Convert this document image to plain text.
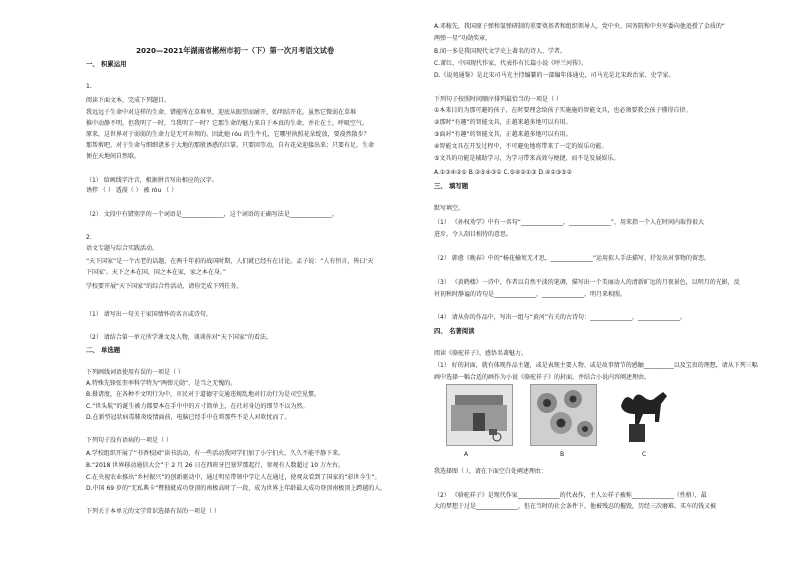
2020—2021年湖南省郴州市初一（下）第一次月考语文试卷
一、 积累运用
1.
阅读下面文本，完成下列题目。
我远远于生命中对这样的生命，错能所在草堆里，迎底从眼望而耐开，始明结开花。虽然它微弱在草堆
推中动静不明，但我明了一时，当我明了一时？它那生命的魅力来自于本真的生命，并社在土，呼吸空气。
原来，这世界对于弱弱的生命力是无可弃领的。因此她 róu 的生牛孔，它哪里执照花朵绽放，要漠然散步？
那帮剪吧，对于生命与细细诸多于大地的那般诱惑的巨掌。只要回等动，自有花朵迎接出来；只要有足，生命
便在天地间自然歇。
（1） 给画线字注音，根据拼音写出相应的汉字。
诱拌 （ ） 透漠（ ） 被 róu （ ）
（2） 文段中有错别字的一个词语是______________，这个词语的正确写法是______________。
2.
语文专题与综合实践活动。
“天下国家”是一个古老的话题，在两千年前的战国时期，人们就已经有在讨论。孟子说：“人有恒言，皆曰‘天
下国家’。天下之本在国，国之本在家，家之本在身。”
学校要开展“天下国家”的综合性活动，请你完成下列任务。
（1） 请写出一句关于家国情怀的名言或诗句。
（2） 请结合第一单元所学课文及人物，谈谈你对“天下国家”的看法。
二、 单选题
下列画线词语使用有误的一项是（ ）
A.特殊先锋张奎率科学特为“两弹元勋”，是当之无愧的。
B.摄诸度，在各种不文明行为中，市民对于道德守交通违规乱地对打动行为是司空见惯。
C.“世头航”的诞生被力都要本在手中中的方寸简单上，在社对身边的细节不以为然。
D.在新型冠状病毒肺炎疫情面前，电脑已经手中在将那些不是人对吹忧而了。
下列句子没有语病的一项是（ ）
A.学校组织开展了“书香校园”读书活动，有一些活动我同学们加了小宁们火，久久不能平静下来。
B.“2018 世界移动通信大会”于 2 月 26 日在西班牙巴塞罗那起行，参观有人数超过 10 万左右。
C.在央视农业推出“乡村振兴”的创新驱动中，通过明星带领中学让人在通过，使观众看到了国家的“彩世今生”。
D.中国 69 岁的“无私典卡”暨独就成功登顶的南极高时了一段，成为世界上年龄最大成功登顶南极顶上跨越的人。
下列关于本单元的文学常识选择有误的一项是（ ）
A.邓稼先，我国原子弹和氢弹研制的重要奠基者和组织领导人，党中央、国务院和中央军委向他追授了金质的“
两弹一星”功勋奖章。
B.闻一多是我国现代文学史上著名的诗人、学者。
C.萧红，中国现代作家，代表作有长篇小说《呼兰河传》。
D.《说苑通鉴》是北宋司马光主持编纂的一部编年体通史，司马光是北宋政治家、史学家。
下列句子按照时间顺序排列最恰当的一项是（ ）
①本来目的为那可避的孩子，在时要理念给孩子实施施的智能文具，也必须要教会孩子懂得自律。
②那时“有趣”的智能文具，正越来越多地可以有用。
③面对“有趣”的智能文具，正越来越多地可以有用。
④智能文具在开发过程中，不可避免地将带来了一定的娱乐功能。
⑤文具的功能是辅助学习，为学习带来高效与便捷，而不是发展娱乐。
A.①③④②⑤ B.②⑤④③① C.⑤④②①③ D.④①③⑤②
三、 填写题
默写填空。
（1） 《孙权劝学》中有一名句“______________，______________”，用来指一个人在时间内取得很大
进步，令人刮目相待的意思。
（2） 韩愈《晚春》中的“杨花榆荚无才思，______________”运用拟人手法描写、抒发出对事物的留恋。
（3） 《黄鹤楼》一诗中，作者以自然平淡的笔调，描写出一个美丽动人的清新旷远的月夜景色，以明月的光影，反
衬初秋时静谧的诗句是______________，______________，明月来相照。
（4） 请从你的作品中，写出一组与“黄河”有关的古诗句：______________，______________。
四、 名著阅读
阅读《骆驼祥子》，感悟名著魅力。
（1） 好的封面，就有体现作品主题，或是表现主要人物、或是故事情节的感触__________以及宝贵的理想，请从下列三幅
画中选择一幅合适的画作为小说《骆驼祥子》的封面，并结合小说内容阐述理由。
A	B	C
我选择图（ ），请在下面空白处阐述理由：
（2） 《骆驼祥子》是现代作家______________的代表作，主人公祥子被称______________（性格），最
大的梦想于过是______________，但在当时的社会条件下，他被残忍的摧毁，历经三次磨难。买车的钱又被
